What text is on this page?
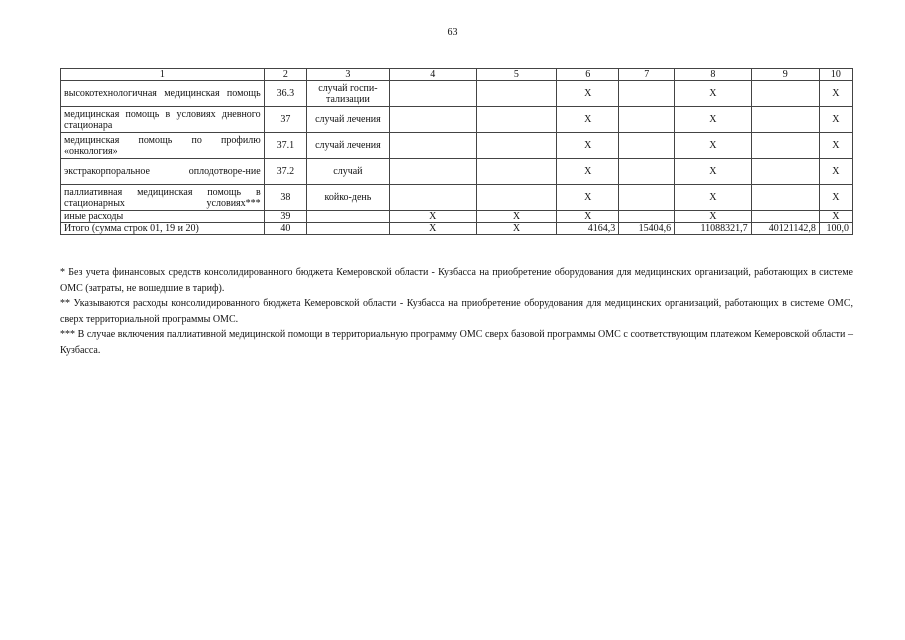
63
1	2	3	4	5	6	7	8	9	10
высокотехнологичная медицинская помощь	36.3	случай госпи-тализации			X		X		X
медицинская помощь в условиях дневного стационара	37	случай лечения			X		X		X
медицинская помощь по профилю «онкология»	37.1	случай лечения			X		X		X
экстракорпоральное оплодотворе-ние	37.2	случай			X		X		X
паллиативная медицинская помощь в стационарных условиях***	38	койко-день			X		X		X
иные расходы	39		X	X	X		X		X
Итого (сумма строк 01, 19 и 20)	40		X	X	4164,3	15404,6	11088321,7	40121142,8	100,0

* Без учета финансовых средств консолидированного бюджета Кемеровской области - Кузбасса на приобретение оборудования для медицинских организаций, работающих в системе ОМС (затраты, не вошедшие в тариф).

** Указываются расходы консолидированного бюджета Кемеровской области - Кузбасса на приобретение оборудования для медицинских организаций, работающих в системе ОМС, сверх территориальной программы ОМС.

*** В случае включения паллиативной медицинской помощи в территориальную программу ОМС сверх базовой программы ОМС с соответствующим платежом Кемеровской области – Кузбасса.
